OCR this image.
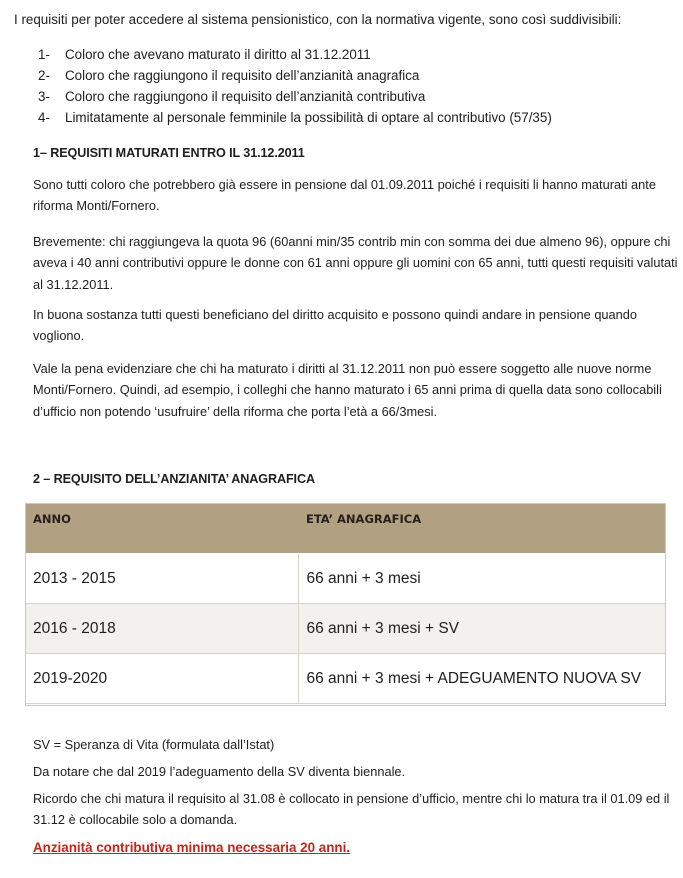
I requisiti per poter accedere al sistema pensionistico, con la normativa vigente, sono così suddivisibili:
1-	Coloro che avevano maturato il diritto al 31.12.2011
2-	Coloro che raggiungono il requisito dell’anzianità anagrafica
3-	Coloro che raggiungono il requisito dell’anzianità contributiva
4-	Limitatamente al personale femminile la possibilità di optare al contributivo (57/35)
1– REQUISITI MATURATI ENTRO IL 31.12.2011

Sono tutti coloro che potrebbero già essere in pensione dal 01.09.2011 poiché i requisiti li hanno maturati ante riforma Monti/Fornero.

Brevemente: chi raggiungeva la quota 96 (60anni min/35 contrib min con somma dei due almeno 96), oppure chi aveva i 40 anni contributivi oppure le donne con 61 anni oppure gli uomini con 65 anni, tutti questi requisiti valutati al 31.12.2011.

In buona sostanza tutti questi beneficiano del diritto acquisito e possono quindi andare in pensione quando vogliono.

Vale la pena evidenziare che chi ha maturato i diritti al 31.12.2011 non può essere soggetto alle nuove norme Monti/Fornero. Quindi, ad esempio, i colleghi che hanno maturato i 65 anni prima di quella data sono collocabili d’ufficio non potendo ‘usufruire’ della riforma che porta l’età a 66/3mesi.

2 – REQUISITO DELL’ANZIANITA’ ANAGRAFICA
ANNO	ETA’ ANAGRAFICA
2013 - 2015	66 anni + 3 mesi
2016 - 2018	66 anni + 3 mesi + SV
2019-2020	66 anni + 3 mesi + ADEGUAMENTO NUOVA SV

SV = Speranza di Vita (formulata dall’Istat)

Da notare che dal 2019 l’adeguamento della SV diventa biennale.

Ricordo che chi matura il requisito al 31.08 è collocato in pensione d’ufficio, mentre chi lo matura tra il 01.09 ed il 31.12 è collocabile solo a domanda.

Anzianità contributiva minima necessaria 20 anni.
